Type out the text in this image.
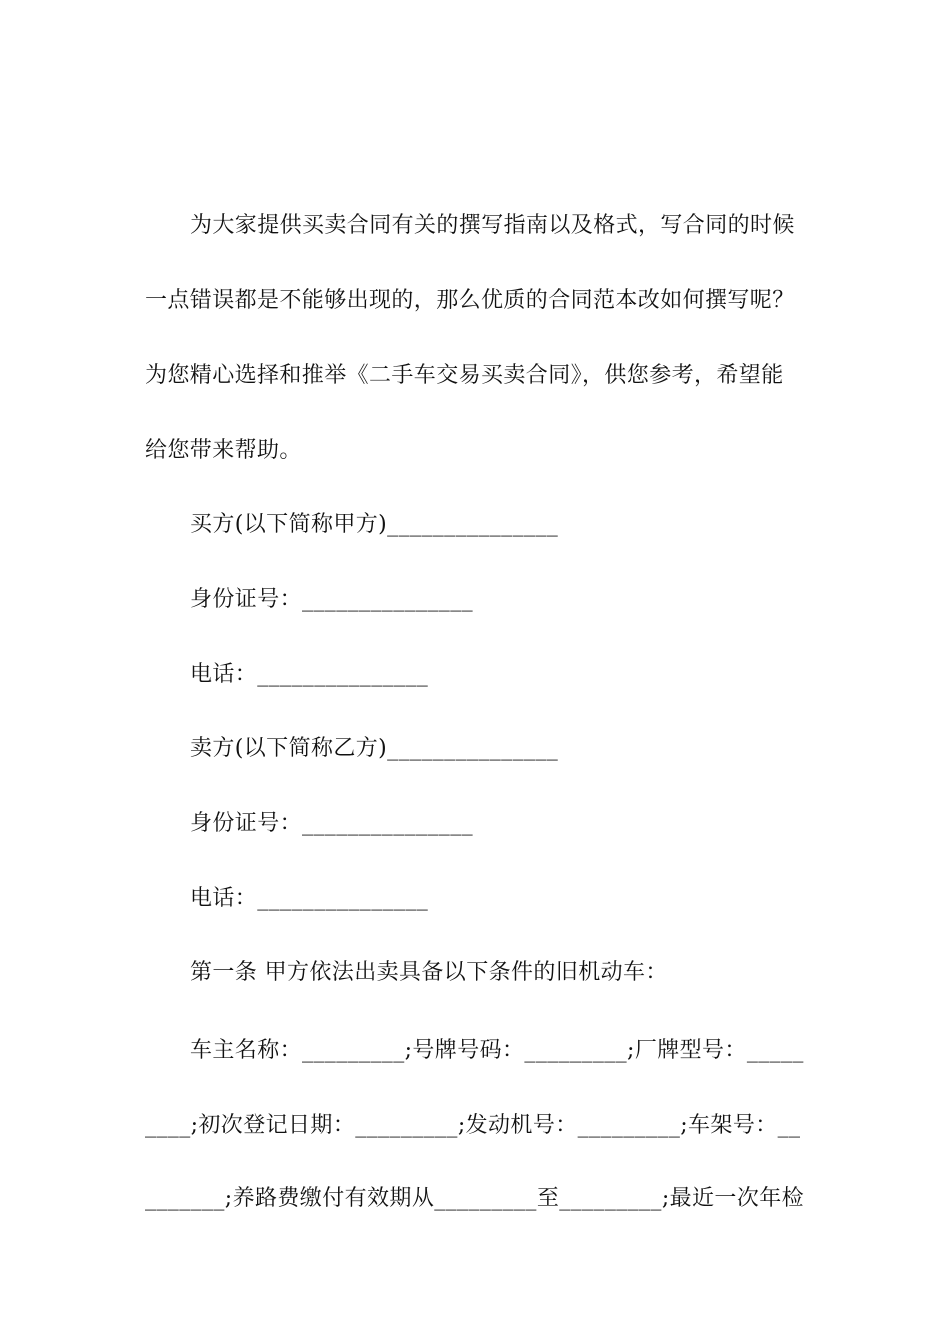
为大家提供买卖合同有关的撰写指南以及格式，写合同的时候
一点错误都是不能够出现的，那么优质的合同范本改如何撰写呢？
为您精心选择和推举《二手车交易买卖合同》，供您参考，希望能
给您带来帮助。
买方(以下简称甲方)_______________
身份证号：_______________
电话：_______________
卖方(以下简称乙方)_______________
身份证号：_______________
电话：_______________
第一条 甲方依法出卖具备以下条件的旧机动车：
车主名称：_________;号牌号码：_________;厂牌型号：_____
____;初次登记日期：_________;发动机号：_________;车架号：__
_______;养路费缴付有效期从_________至_________;最近一次年检
